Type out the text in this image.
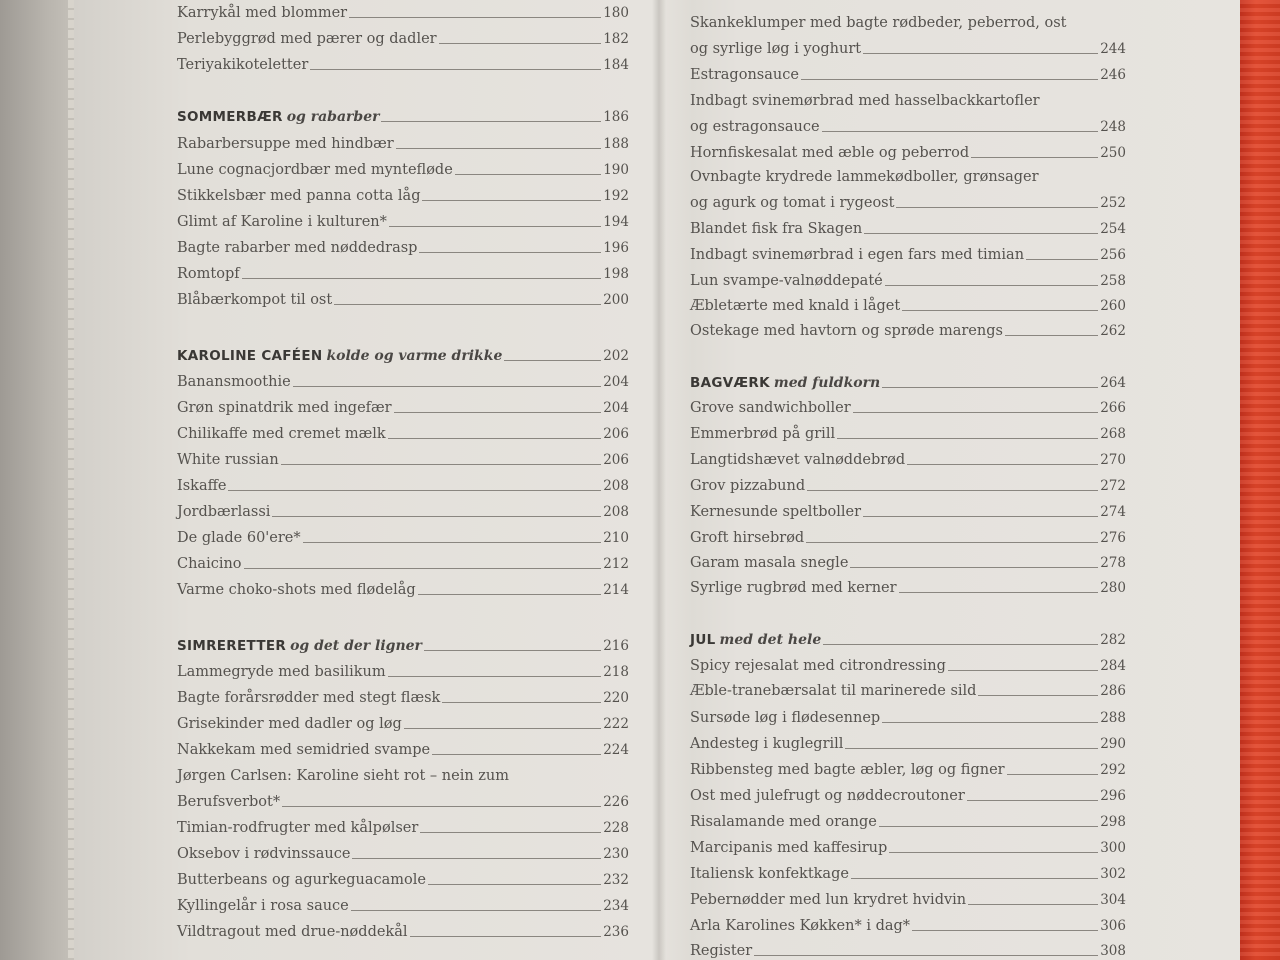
Karrykål med blommer	180
Perlebyggrød med pærer og dadler	182
Teriyakikoteletter	184
SOMMERBÆR og rabarber	186
Rabarbersuppe med hindbær	188
Lune cognacjordbær med mynteflødе	190
Stikkelsbær med panna cotta låg	192
Glimt af Karoline i kulturen*	194
Bagte rabarber med nøddedrasp	196
Romtopf	198
Blåbærkompot til ost	200
KAROLINE CAFÉEN kolde og varme drikke	202
Banansmoothie	204
Grøn spinatdrik med ingefær	204
Chilikaffe med cremet mælk	206
White russian	206
Iskaffe	208
Jordbærlassi	208
De glade 60'ere*	210
Chaicino	212
Varme choko-shots med flødelåg	214
SIMRERETTER og det der ligner	216
Lammegryde med basilikum	218
Bagte forårsrødder med stegt flæsk	220
Grisekinder med dadler og løg	222
Nakkekam med semidried svampe	224
Jørgen Carlsen: Karoline sieht rot – nein zum
Berufsverbot*	226
Timian-rodfrugter med kålpølser	228
Oksebov i rødvinssauce	230
Butterbeans og agurkeguacamole	232
Kyllingelår i rosa sauce	234
Vildtragout med drue-nøddekål	236
Skankeklumper med bagte rødbeder, peberrod, ost
og syrlige løg i yoghurt	244
Estragonsauce	246
Indbagt svinemørbrad med hasselbackkartofler
og estragonsauce	248
Hornfiskesalat med æble og peberrod	250
Ovnbagte krydrede lammekødboller, grønsager
og agurk og tomat i rygeost	252
Blandet fisk fra Skagen	254
Indbagt svinemørbrad i egen fars med timian	256
Lun svampe-valnøddepaté	258
Æbletærte med knald i låget	260
Ostekage med havtorn og sprøde marengs	262
BAGVÆRK med fuldkorn	264
Grove sandwichboller	266
Emmerbrød på grill	268
Langtidshævet valnøddebrød	270
Grov pizzabund	272
Kernesunde speltboller	274
Groft hirsebrød	276
Garam masala snegle	278
Syrlige rugbrød med kerner	280
JUL med det hele	282
Spicy rejesalat med citrondressing	284
Æble-tranebærsalat til marinerede sild	286
Sursøde løg i flødesennep	288
Andesteg i kuglegrill	290
Ribbensteg med bagte æbler, løg og figner	292
Ost med julefrugt og nøddecroutoner	296
Risalamande med orange	298
Marcipanis med kaffesirup	300
Italiensk konfektkage	302
Pebernødder med lun krydret hvidvin	304
Arla Karolines Køkken* i dag*	306
Register	308
